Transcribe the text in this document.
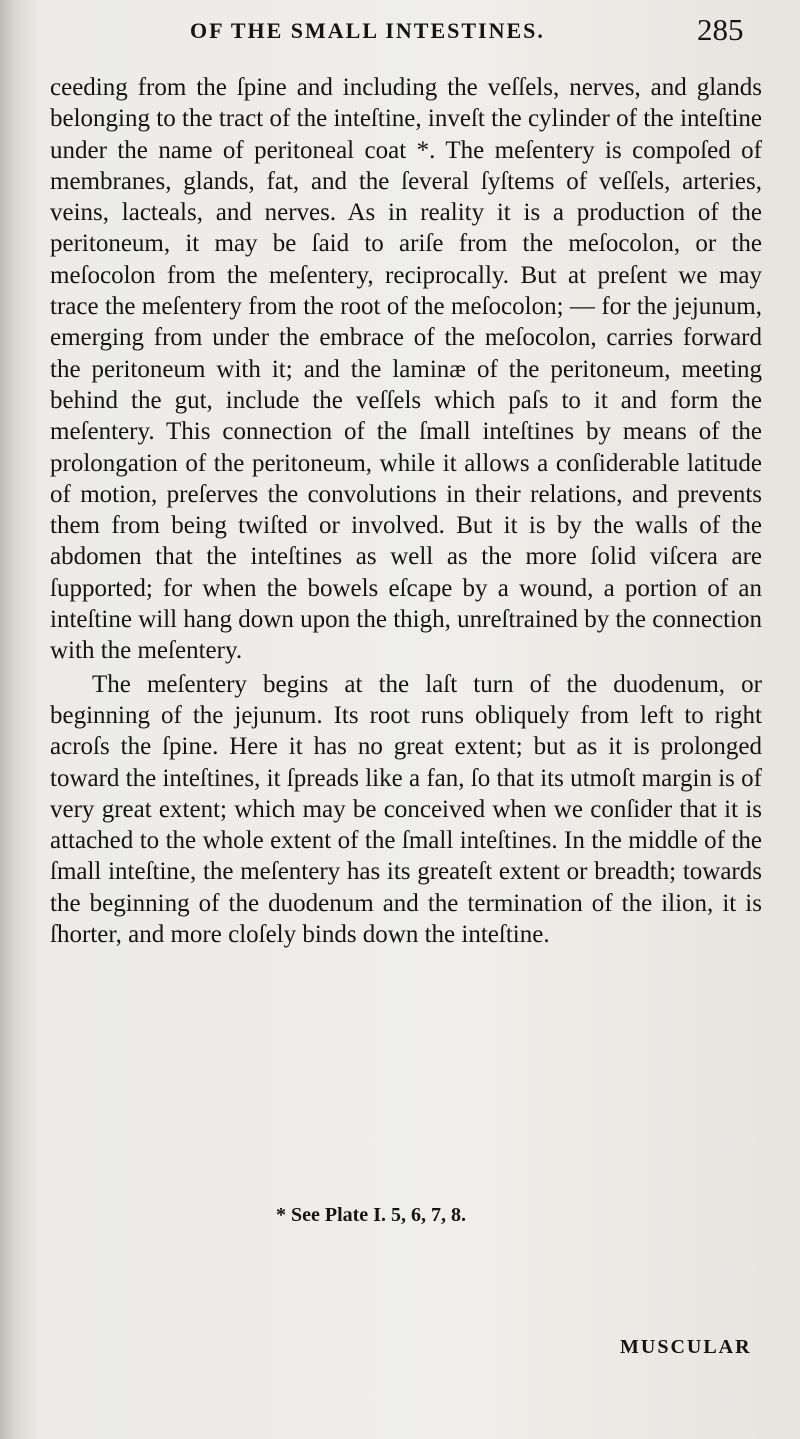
OF THE SMALL INTESTINES.	285

ceeding from the ſpine and including the veſſels, nerves, and glands belonging to the tract of the inteſtine, inveſt the cylinder of the inteſtine under the name of peritoneal coat *. The meſentery is compoſed of membranes, glands, fat, and the ſeveral ſyſtems of veſſels, arteries, veins, lacteals, and nerves. As in reality it is a production of the peritoneum, it may be ſaid to ariſe from the meſocolon, or the meſocolon from the meſentery, reciprocally. But at preſent we may trace the meſentery from the root of the meſocolon; — for the jejunum, emerging from under the embrace of the meſocolon, carries forward the peritoneum with it; and the laminæ of the peritoneum, meeting behind the gut, include the veſſels which paſs to it and form the meſentery. This connection of the ſmall inteſtines by means of the prolongation of the peritoneum, while it allows a conſiderable latitude of motion, preſerves the convolutions in their relations, and prevents them from being twiſted or involved. But it is by the walls of the abdomen that the inteſtines as well as the more ſolid viſcera are ſupported; for when the bowels eſcape by a wound, a portion of an inteſtine will hang down upon the thigh, unreſtrained by the connection with the meſentery.

The meſentery begins at the laſt turn of the duodenum, or beginning of the jejunum. Its root runs obliquely from left to right acroſs the ſpine. Here it has no great extent; but as it is prolonged toward the inteſtines, it ſpreads like a fan, ſo that its utmoſt margin is of very great extent; which may be conceived when we conſider that it is attached to the whole extent of the ſmall inteſtines. In the middle of the ſmall inteſtine, the meſentery has its greateſt extent or breadth; towards the beginning of the duodenum and the termination of the ilion, it is ſhorter, and more cloſely binds down the inteſtine.

* See Plate I. 5, 6, 7, 8.
MUSCULAR
